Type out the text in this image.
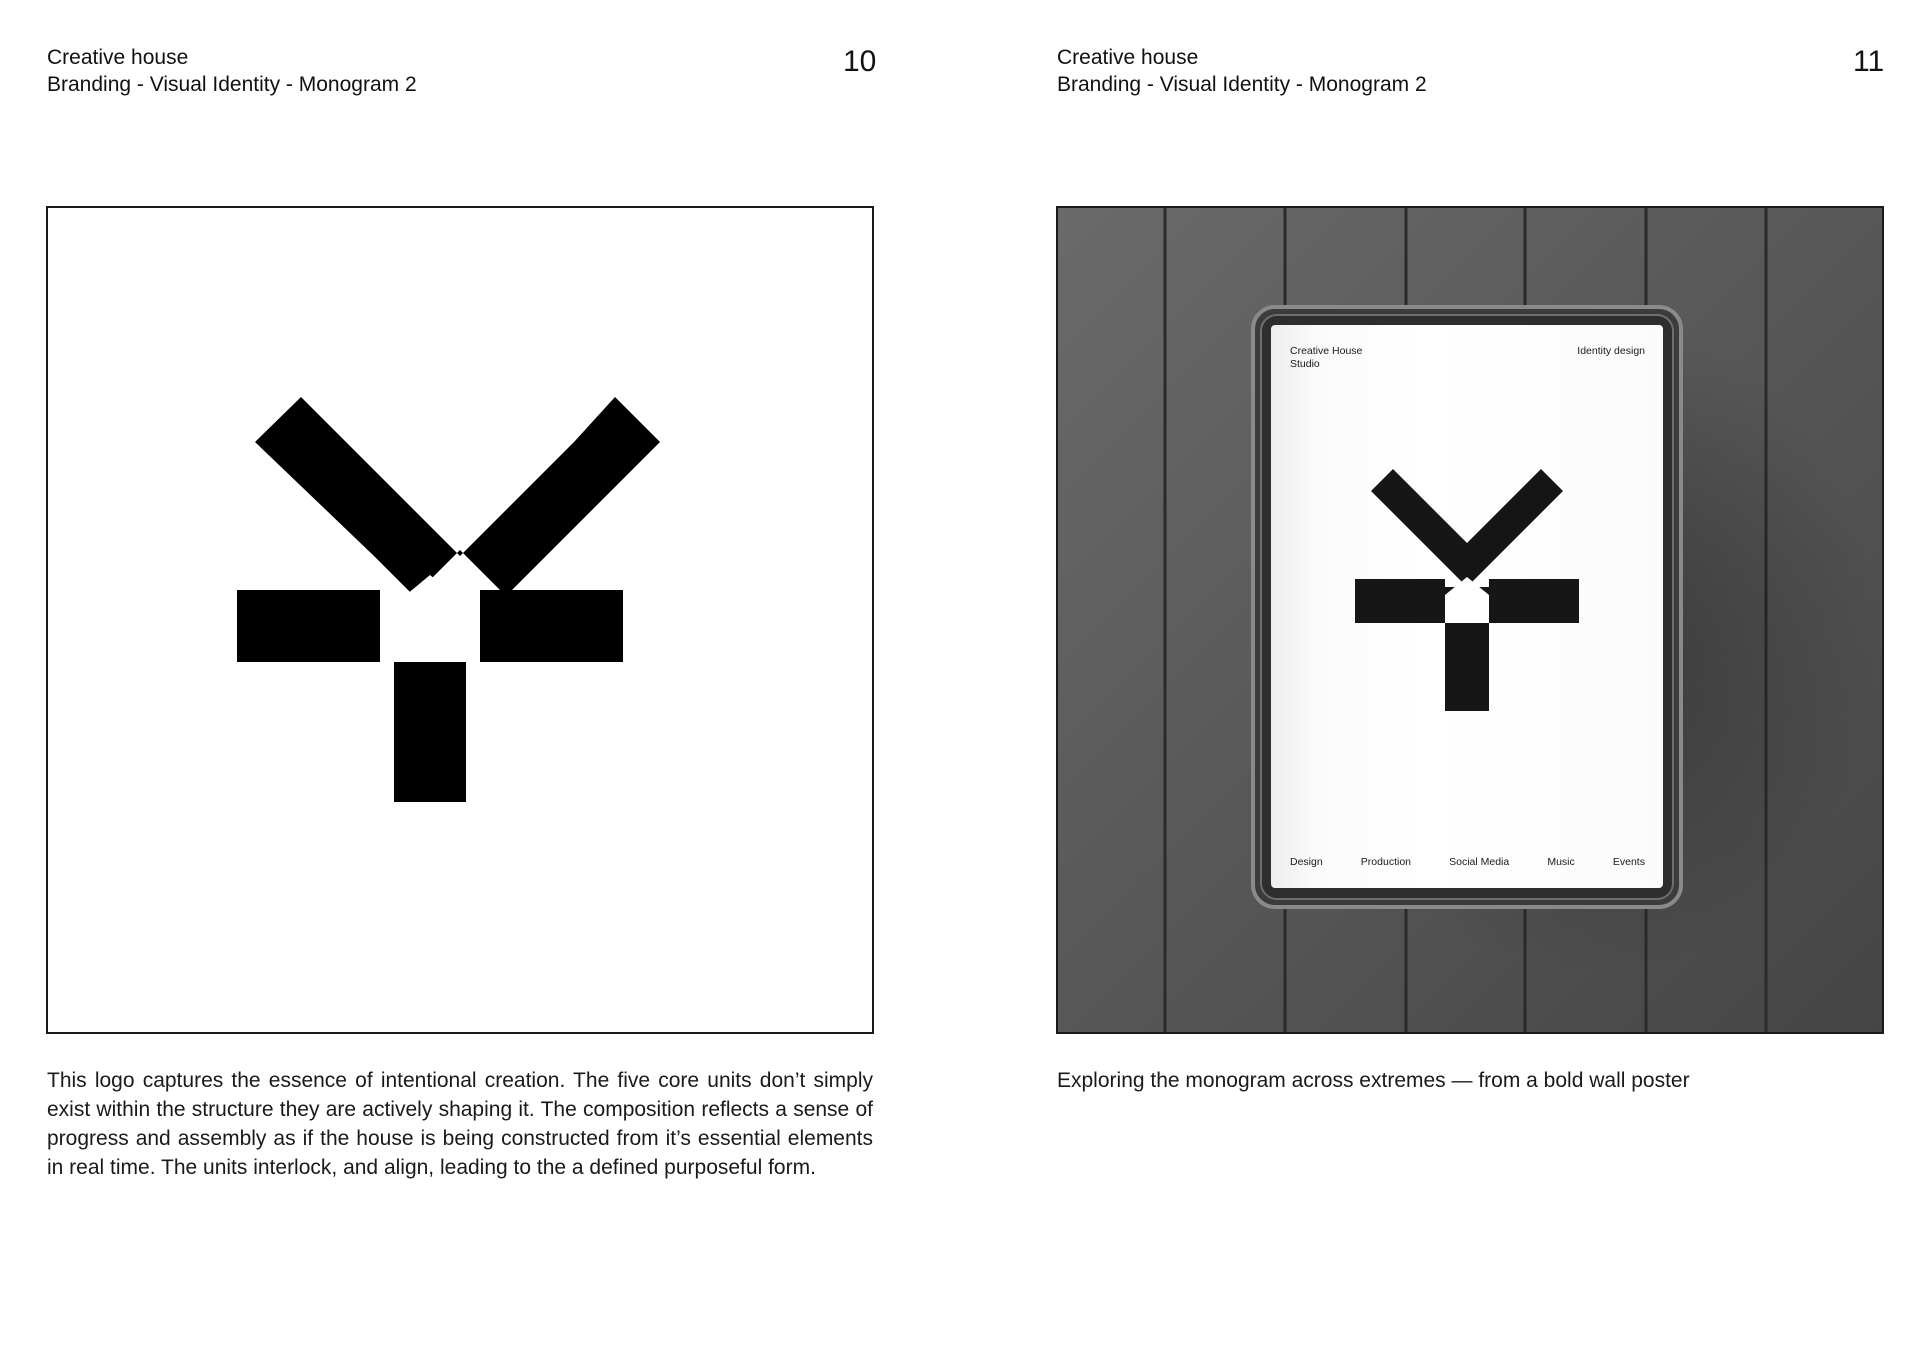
Creative house
Branding - Visual Identity - Monogram 2
10
This logo captures the essence of intentional creation. The five core units don’t simply exist within the structure they are actively shaping it. The composition reflects a sense of progress and assembly as if the house is being constructed from it’s essential elements in real time. The units interlock, and align, leading to the a defined purposeful form.
Creative house
Branding - Visual Identity - Monogram 2
11
Creative House
Studio
Identity design
Design	Production	Social Media	Music	Events
Exploring the monogram across extremes — from a bold wall poster
